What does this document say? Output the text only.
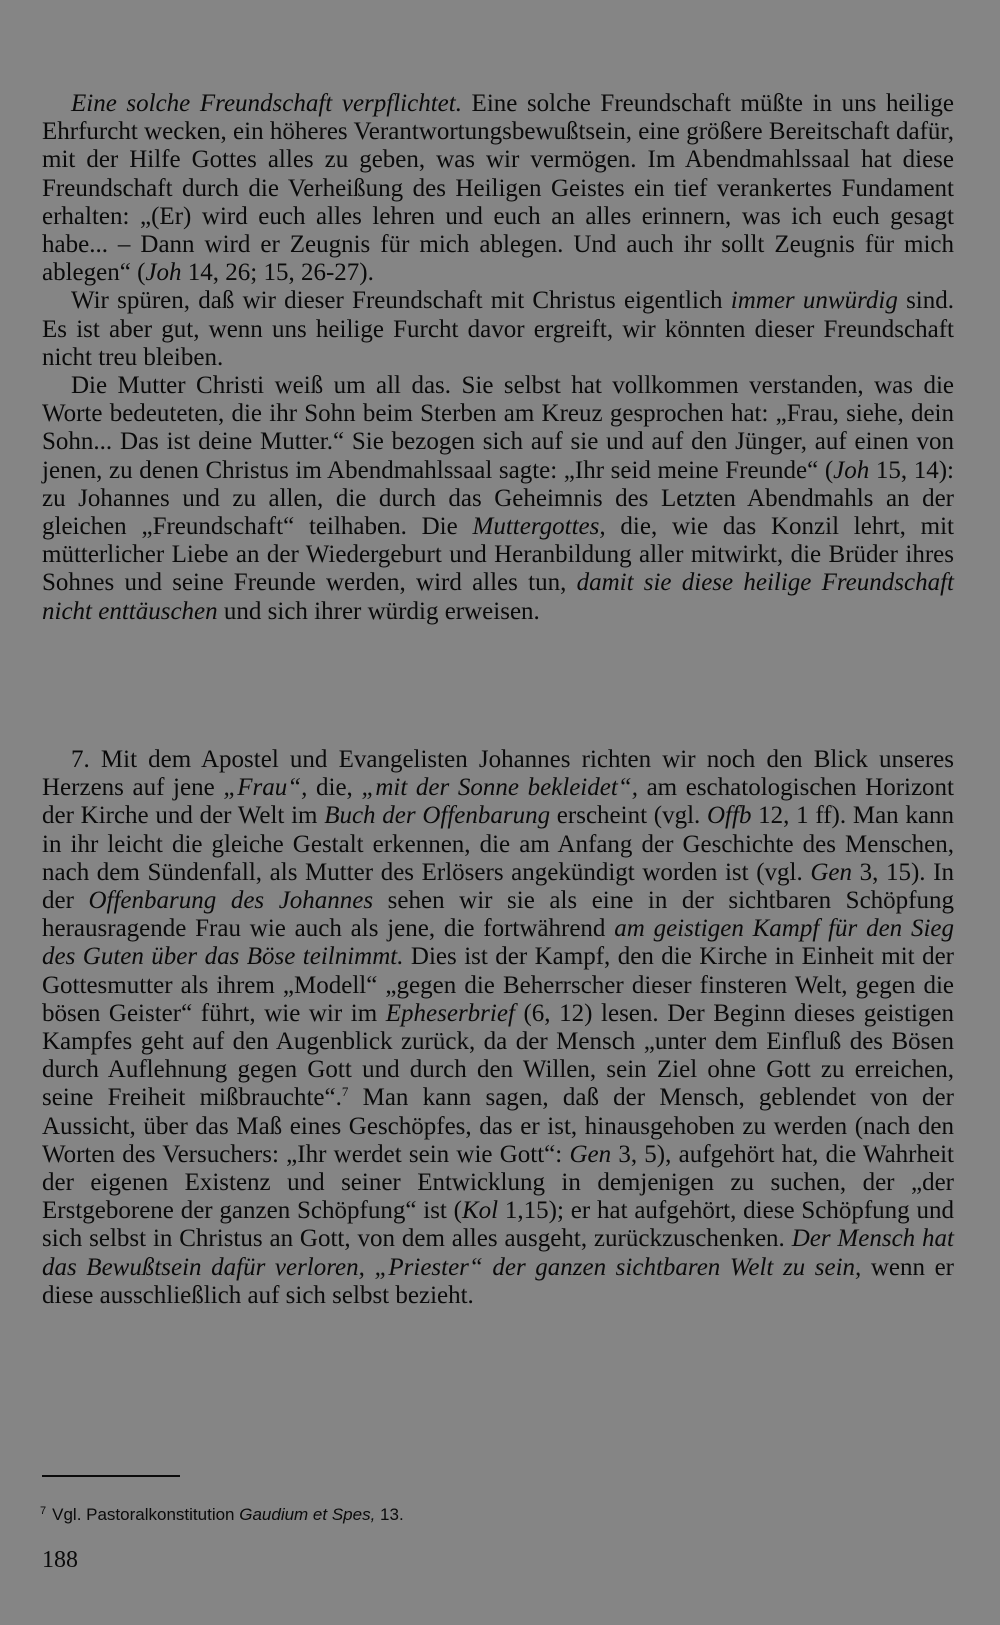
Eine solche Freundschaft verpflichtet. Eine solche Freundschaft müßte in uns heilige Ehrfurcht wecken, ein höheres Verantwortungsbewußtsein, eine größere Bereitschaft dafür, mit der Hilfe Gottes alles zu geben, was wir vermögen. Im Abendmahlssaal hat diese Freundschaft durch die Verheißung des Heiligen Geistes ein tief verankertes Fundament erhalten: „(Er) wird euch alles lehren und euch an alles erinnern, was ich euch gesagt habe... – Dann wird er Zeugnis für mich ablegen. Und auch ihr sollt Zeugnis für mich ablegen“ (Joh 14, 26; 15, 26-27).

Wir spüren, daß wir dieser Freundschaft mit Christus eigentlich immer unwürdig sind. Es ist aber gut, wenn uns heilige Furcht davor ergreift, wir könnten dieser Freundschaft nicht treu bleiben.

Die Mutter Christi weiß um all das. Sie selbst hat vollkommen verstanden, was die Worte bedeuteten, die ihr Sohn beim Sterben am Kreuz gesprochen hat: „Frau, siehe, dein Sohn... Das ist deine Mutter.“ Sie bezogen sich auf sie und auf den Jünger, auf einen von jenen, zu denen Christus im Abendmahlssaal sagte: „Ihr seid meine Freunde“ (Joh 15, 14): zu Johannes und zu allen, die durch das Geheimnis des Letzten Abendmahls an der gleichen „Freundschaft“ teilhaben. Die Muttergottes, die, wie das Konzil lehrt, mit mütterlicher Liebe an der Wiedergeburt und Heranbildung aller mitwirkt, die Brüder ihres Sohnes und seine Freunde werden, wird alles tun, damit sie diese heilige Freundschaft nicht enttäuschen und sich ihrer würdig erweisen.

7. Mit dem Apostel und Evangelisten Johannes richten wir noch den Blick unseres Herzens auf jene „Frau“, die, „mit der Sonne bekleidet“, am eschatologischen Horizont der Kirche und der Welt im Buch der Offenbarung erscheint (vgl. Offb 12, 1 ff). Man kann in ihr leicht die gleiche Gestalt erkennen, die am Anfang der Geschichte des Menschen, nach dem Sündenfall, als Mutter des Erlösers angekündigt worden ist (vgl. Gen 3, 15). In der Offenbarung des Johannes sehen wir sie als eine in der sichtbaren Schöpfung herausragende Frau wie auch als jene, die fortwährend am geistigen Kampf für den Sieg des Guten über das Böse teilnimmt. Dies ist der Kampf, den die Kirche in Einheit mit der Gottesmutter als ihrem „Modell“ „gegen die Beherrscher dieser finsteren Welt, gegen die bösen Geister“ führt, wie wir im Epheserbrief (6, 12) lesen. Der Beginn dieses geistigen Kampfes geht auf den Augenblick zurück, da der Mensch „unter dem Einfluß des Bösen durch Auflehnung gegen Gott und durch den Willen, sein Ziel ohne Gott zu erreichen, seine Freiheit mißbrauchte“.$^7$ Man kann sagen, daß der Mensch, geblendet von der Aussicht, über das Maß eines Geschöpfes, das er ist, hinausgehoben zu werden (nach den Worten des Versuchers: „Ihr werdet sein wie Gott“: Gen 3, 5), aufgehört hat, die Wahrheit der eigenen Existenz und seiner Entwicklung in demjenigen zu suchen, der „der Erstgeborene der ganzen Schöpfung“ ist (Kol 1,15); er hat aufgehört, diese Schöpfung und sich selbst in Christus an Gott, von dem alles ausgeht, zurückzuschenken. Der Mensch hat das Bewußtsein dafür verloren, „Priester“ der ganzen sichtbaren Welt zu sein, wenn er diese ausschließlich auf sich selbst bezieht.

$^7$ Vgl. Pastoralkonstitution Gaudium et Spes, 13.
188
